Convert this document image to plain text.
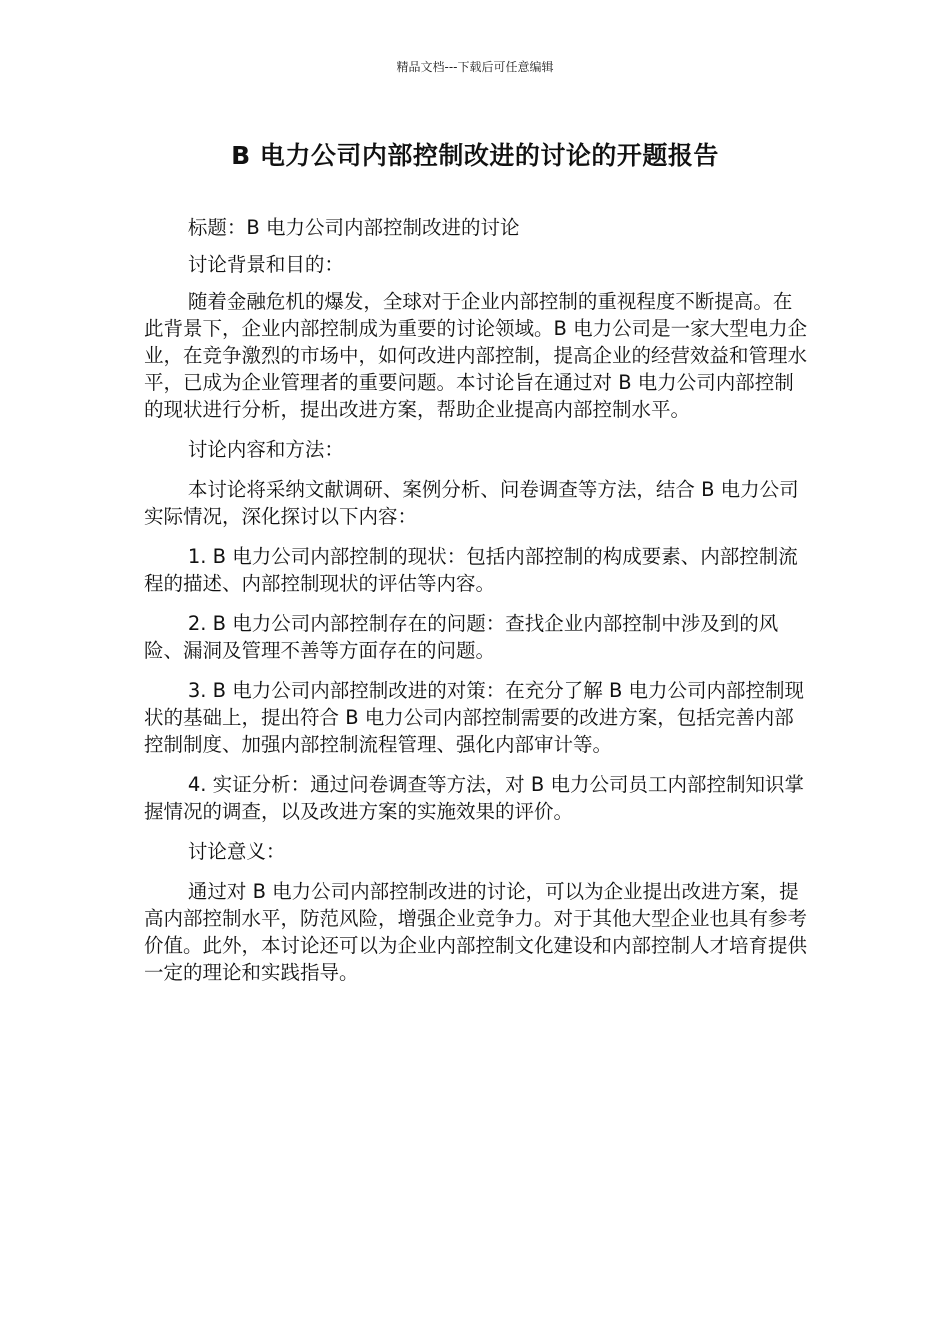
精品文档---下载后可任意编辑
B 电力公司内部控制改进的讨论的开题报告

标题：B 电力公司内部控制改进的讨论

讨论背景和目的：

随着金融危机的爆发，全球对于企业内部控制的重视程度不断提高。在此背景下，企业内部控制成为重要的讨论领域。B 电力公司是一家大型电力企业，在竞争激烈的市场中，如何改进内部控制，提高企业的经营效益和管理水平，已成为企业管理者的重要问题。本讨论旨在通过对 B 电力公司内部控制的现状进行分析，提出改进方案，帮助企业提高内部控制水平。

讨论内容和方法：

本讨论将采纳文献调研、案例分析、问卷调查等方法，结合 B 电力公司实际情况，深化探讨以下内容：

1. B 电力公司内部控制的现状：包括内部控制的构成要素、内部控制流程的描述、内部控制现状的评估等内容。

2. B 电力公司内部控制存在的问题：查找企业内部控制中涉及到的风险、漏洞及管理不善等方面存在的问题。

3. B 电力公司内部控制改进的对策：在充分了解 B 电力公司内部控制现状的基础上，提出符合 B 电力公司内部控制需要的改进方案，包括完善内部控制制度、加强内部控制流程管理、强化内部审计等。

4. 实证分析：通过问卷调查等方法，对 B 电力公司员工内部控制知识掌握情况的调查，以及改进方案的实施效果的评价。

讨论意义：

通过对 B 电力公司内部控制改进的讨论，可以为企业提出改进方案，提高内部控制水平，防范风险，增强企业竞争力。对于其他大型企业也具有参考价值。此外，本讨论还可以为企业内部控制文化建设和内部控制人才培育提供一定的理论和实践指导。
